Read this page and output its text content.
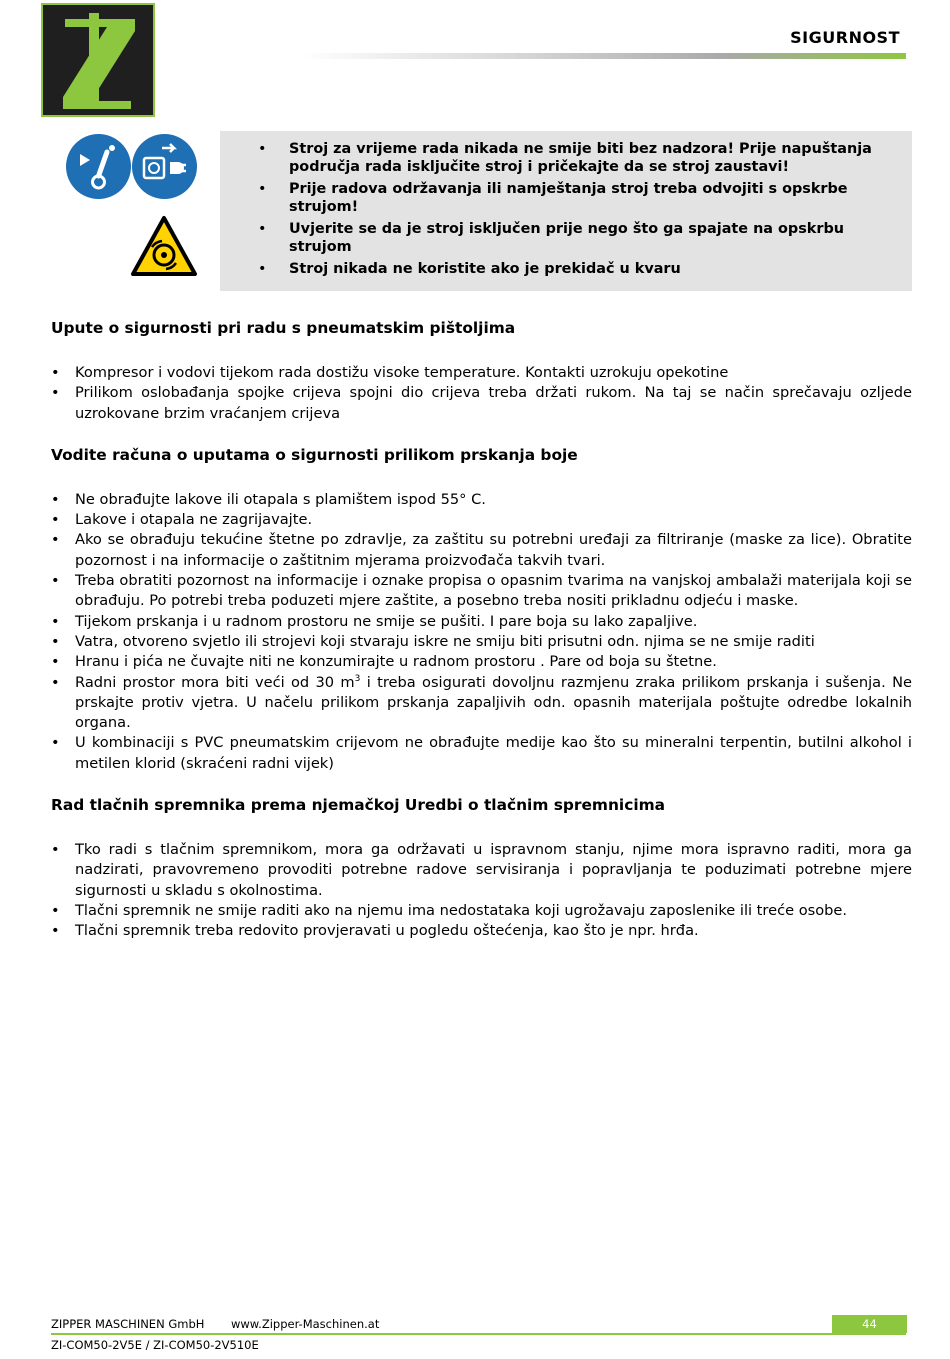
SIGURNOST
• Stroj za vrijeme rada nikada ne smije biti bez nadzora! Prije napuštanja područja rada isključite stroj i pričekajte da se stroj zaustavi!
• Prije radova održavanja ili namještanja stroj treba odvojiti s opskrbe strujom!
• Uvjerite se da je stroj isključen prije nego što ga spajate na opskrbu strujom
• Stroj nikada ne koristite ako je prekidač u kvaru
Upute o sigurnosti pri radu s pneumatskim pištoljima
• Kompresor i vodovi tijekom rada dostižu visoke temperature. Kontakti uzrokuju opekotine
• Prilikom oslobađanja spojke crijeva spojni dio crijeva treba držati rukom. Na taj se način sprečavaju ozljede uzrokovane brzim vraćanjem crijeva
Vodite računa o uputama o sigurnosti prilikom prskanja boje
• Ne obrađujte lakove ili otapala s plamištem ispod 55° C.
• Lakove i otapala ne zagrijavajte.
• Ako se obrađuju tekućine štetne po zdravlje, za zaštitu su potrebni uređaji za filtriranje (maske za lice). Obratite pozornost i na informacije o zaštitnim mjerama proizvođača takvih tvari.
• Treba obratiti pozornost na informacije i oznake propisa o opasnim tvarima na vanjskoj ambalaži materijala koji se obrađuju. Po potrebi treba poduzeti mjere zaštite, a posebno treba nositi prikladnu odjeću i maske.
• Tijekom prskanja i u radnom prostoru ne smije se pušiti. I pare boja su lako zapaljive.
• Vatra, otvoreno svjetlo ili strojevi koji stvaraju iskre ne smiju biti prisutni odn. njima se ne smije raditi
• Hranu i pića ne čuvajte niti ne konzumirajte u radnom prostoru . Pare od boja su štetne.
• Radni prostor mora biti veći od 30 $m^3$ i treba osigurati dovoljnu razmjenu zraka prilikom prskanja i sušenja. Ne prskajte protiv vjetra. U načelu prilikom prskanja zapaljivih odn. opasnih materijala poštujte odredbe lokalnih organa.
• U kombinaciji s PVC pneumatskim crijevom ne obrađujte medije kao što su mineralni terpentin, butilni alkohol i metilen klorid (skraćeni radni vijek)
Rad tlačnih spremnika prema njemačkoj Uredbi o tlačnim spremnicima
• Tko radi s tlačnim spremnikom, mora ga održavati u ispravnom stanju, njime mora ispravno raditi, mora ga nadzirati, pravovremeno provoditi potrebne radove servisiranja i popravljanja te poduzimati potrebne mjere sigurnosti u skladu s okolnostima.
• Tlačni spremnik ne smije raditi ako na njemu ima nedostataka koji ugrožavaju zaposlenike ili treće osobe.
• Tlačni spremnik treba redovito provjeravati u pogledu oštećenja, kao što je npr. hrđa.
ZIPPER MASCHINEN GmbH www.Zipper-Maschinen.at	44
ZI-COM50-2V5E / ZI-COM50-2V510E
